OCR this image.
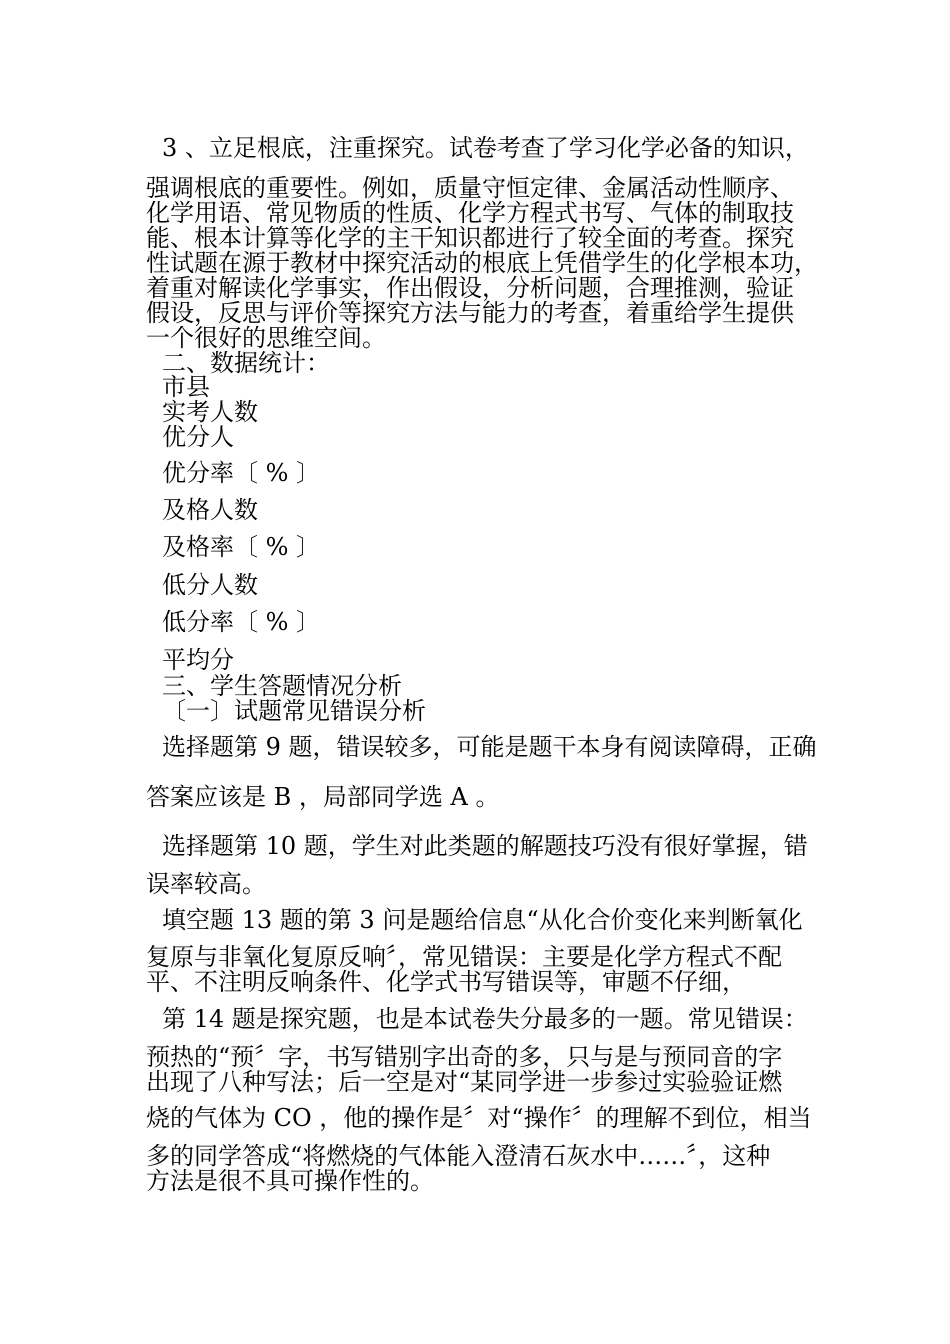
3 、立足根底，注重探究。试卷考查了学习化学必备的知识，
强调根底的重要性。例如，质量守恒定律、金属活动性顺序、
化学用语、常见物质的性质、化学方程式书写、气体的制取技
能、根本计算等化学的主干知识都进行了较全面的考查。探究
性试题在源于教材中探究活动的根底上凭借学生的化学根本功，
着重对解读化学事实，作出假设，分析问题，合理推测，验证
假设，反思与评价等探究方法与能力的考查，着重给学生提供
一个很好的思维空间。
二、数据统计：
市县
实考人数
优分人
优分率〔 % 〕
及格人数
及格率〔 % 〕
低分人数
低分率〔 % 〕
平均分
三、学生答题情况分析
〔一〕试题常见错误分析
选择题第 9 题，错误较多，可能是题干本身有阅读障碍，正确
答案应该是 B ，局部同学选 A 。
选择题第 10 题，学生对此类题的解题技巧没有很好掌握，错
误率较高。
填空题 13 题的第 3 问是题给信息“从化合价变化来判断氧化
复原与非氧化复原反响〞，常见错误：主要是化学方程式不配
平、不注明反响条件、化学式书写错误等，审题不仔细，
第 14 题是探究题，也是本试卷失分最多的一题。常见错误：
预热的“预〞字，书写错别字出奇的多，只与是与预同音的字
出现了八种写法；后一空是对“某同学进一步参过实验验证燃
烧的气体为 CO ，他的操作是〞对“操作〞的理解不到位，相当
多的同学答成“将燃烧的气体能入澄清石灰水中……〞，这种
方法是很不具可操作性的。
